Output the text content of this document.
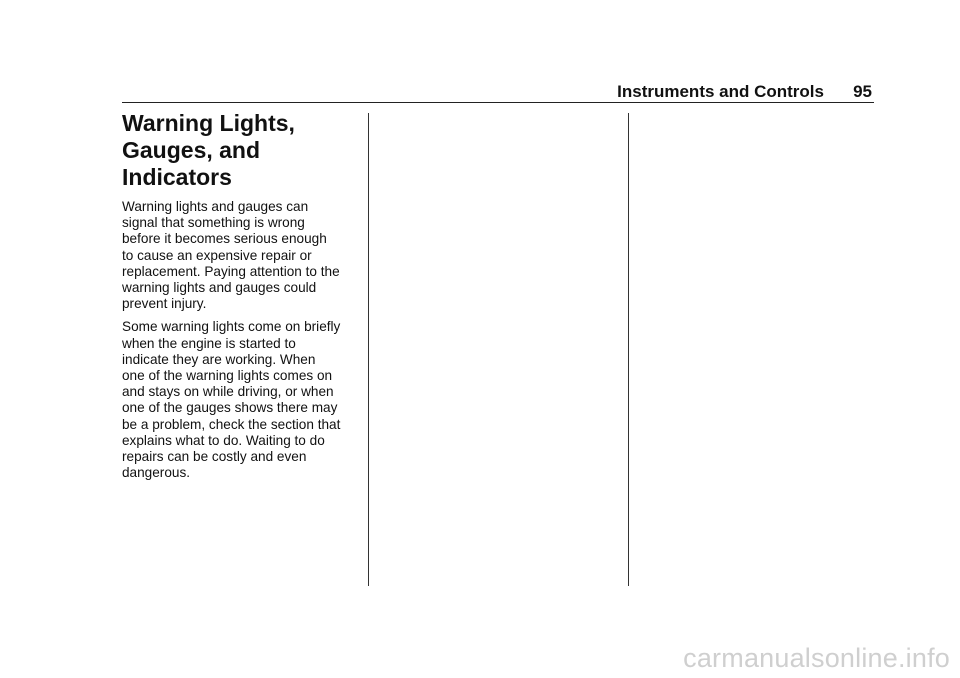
Instruments and Controls 95
Warning Lights,
Gauges, and
Indicators

Warning lights and gauges can
signal that something is wrong
before it becomes serious enough
to cause an expensive repair or
replacement. Paying attention to the
warning lights and gauges could
prevent injury.

Some warning lights come on briefly
when the engine is started to
indicate they are working. When
one of the warning lights comes on
and stays on while driving, or when
one of the gauges shows there may
be a problem, check the section that
explains what to do. Waiting to do
repairs can be costly and even
dangerous.

carmanualsonline.info
